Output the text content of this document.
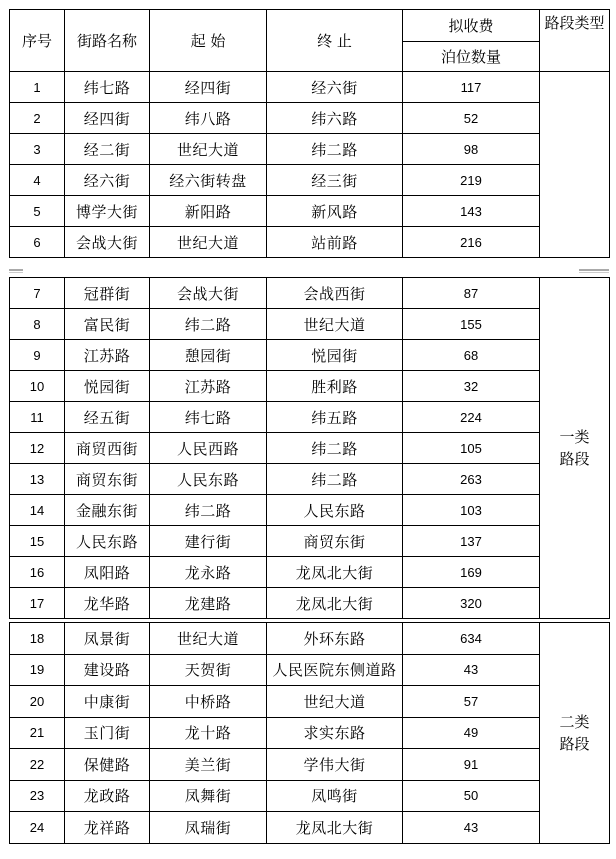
序号	街路名称	起 始	终 止	拟收费	路段类型
				泊位数量	
1	纬七路	经四街	经六街	117	
2	经四街	纬八路	纬六路	52	
3	经二街	世纪大道	纬二路	98	
4	经六街	经六街转盘	经三街	219	
5	博学大街	新阳路	新风路	143	
6	会战大街	世纪大道	站前路	216	
7	冠群街	会战大街	会战西街	87	一类路段
8	富民街	纬二路	世纪大道	155	
9	江苏路	憩园街	悦园街	68	
10	悦园街	江苏路	胜利路	32	
11	经五街	纬七路	纬五路	224	
12	商贸西街	人民西路	纬二路	105	
13	商贸东街	人民东路	纬二路	263	
14	金融东街	纬二路	人民东路	103	
15	人民东路	建行街	商贸东街	137	
16	凤阳路	龙永路	龙凤北大街	169	
17	龙华路	龙建路	龙凤北大街	320	
18	凤景街	世纪大道	外环东路	634	二类路段
19	建设路	天贺街	人民医院东侧道路	43	
20	中康街	中桥路	世纪大道	57	
21	玉门街	龙十路	求实东路	49	
22	保健路	美兰街	学伟大街	91	
23	龙政路	凤舞街	凤鸣街	50	
24	龙祥路	凤瑞街	龙凤北大街	43	
